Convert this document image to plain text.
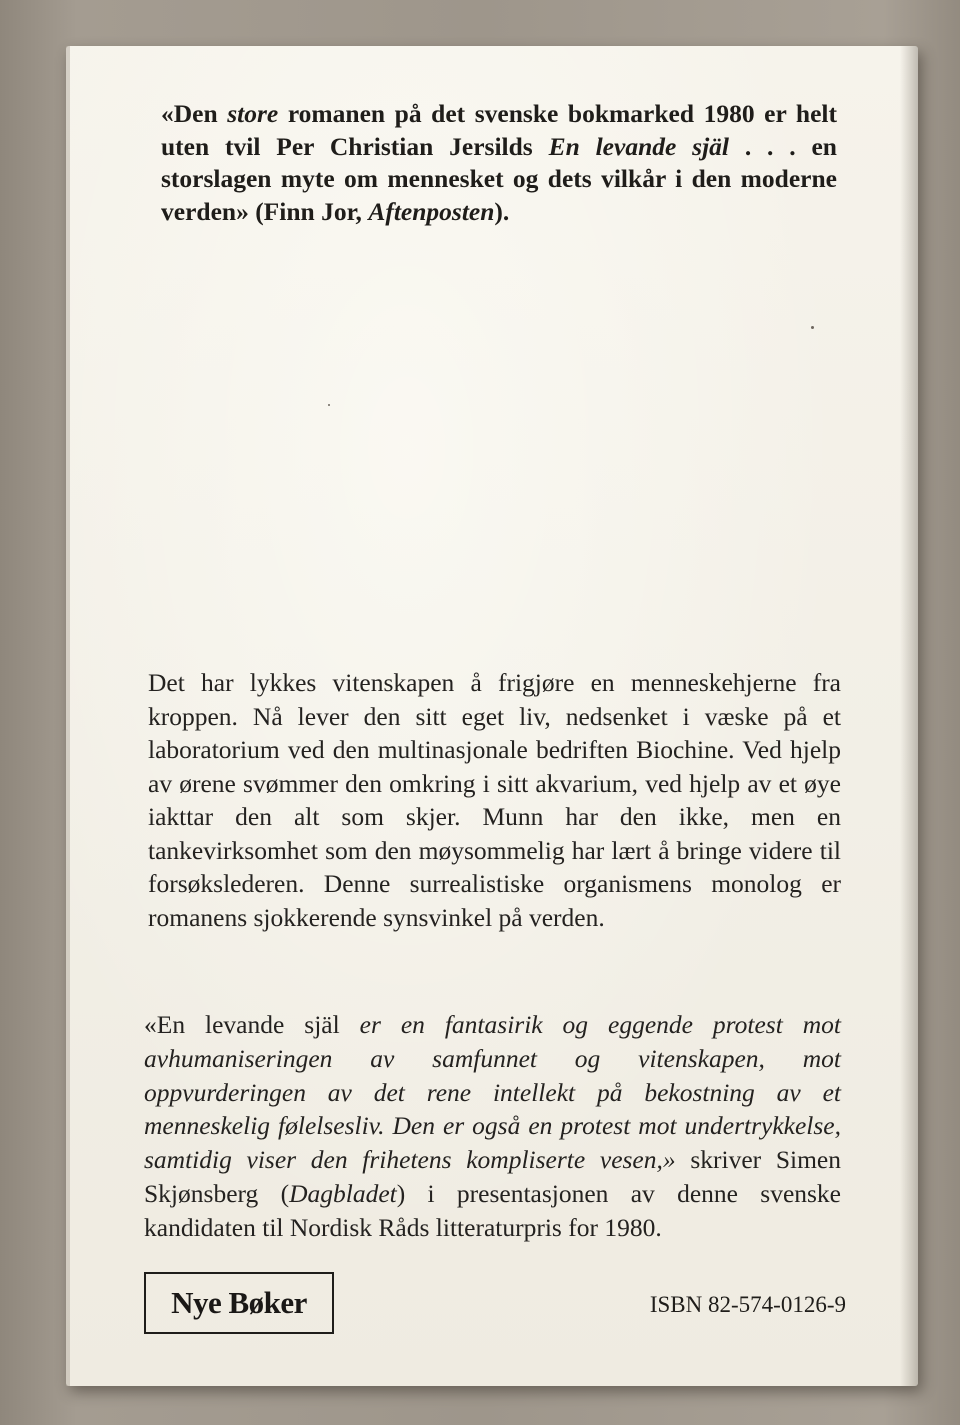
«Den store romanen på det svenske bokmarked 1980 er helt uten tvil Per Christian Jersilds En levande själ . . . en storslagen myte om mennesket og dets vilkår i den moderne verden» (Finn Jor, Aftenposten).
Det har lykkes vitenskapen å frigjøre en menneskehjerne fra kroppen. Nå lever den sitt eget liv, nedsenket i væske på et laboratorium ved den multinasjonale bedriften Biochine. Ved hjelp av ørene svømmer den omkring i sitt akvarium, ved hjelp av et øye iakttar den alt som skjer. Munn har den ikke, men en tankevirksomhet som den møysommelig har lært å bringe videre til forsøkslederen. Denne surrealistiske organismens monolog er romanens sjokkerende synsvinkel på verden.
«En levande själ er en fantasirik og eggende protest mot avhumaniseringen av samfunnet og vitenskapen, mot oppvurderingen av det rene intellekt på bekostning av et menneskelig følelsesliv. Den er også en protest mot undertrykkelse, samtidig viser den frihetens kompliserte vesen,» skriver Simen Skjønsberg (Dagbladet) i presentasjonen av denne svenske kandidaten til Nordisk Råds litteraturpris for 1980.
Nye Bøker	ISBN 82-574-0126-9
